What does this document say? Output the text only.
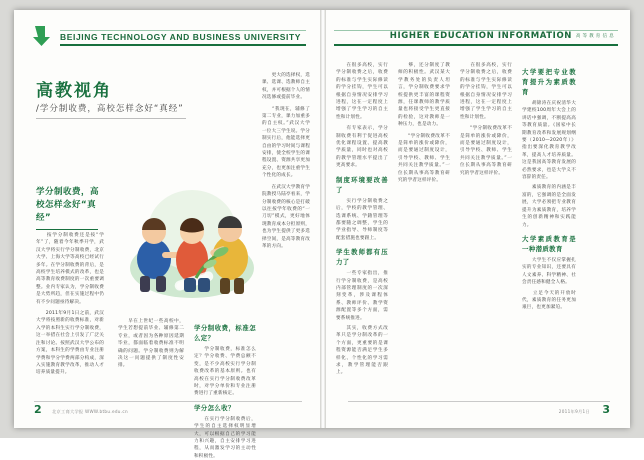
BEIJING TECHNOLOGY AND BUSINESS UNIVERSITY
高教视角
/学分制收费，高校怎样念好“真经”
学分制收费，高校怎样念好“真经”
　　按学分制收费还是按“学年”了，随着今年秋季开学，武汉大学将实行学分制收费，北京大学、上海大学等高校已经试行多年。在学分制收费的背后，是高校学生培养模式的改革，也是高等教育收费制度的一次重要调整。业内专家认为，学分制收费是大势所趋，但在实施过程中仍有不少问题亟待解决。
　　2011年9月1日之前，武汉大学将按照新的收费标准，对新入学的本科生实行学分制收费，这一举措在社会上引发了广泛关注和讨论。按照武汉大学公布的方案，本科生的学费由专业注册学费和学分学费两部分构成，深入实施教育教学改革，推动人才培养质量提升。
　　早在上世纪一些高校中，学生若想提前毕业、辅修第二专业，或者因为各种原因延期毕业，都面临着收费标准不明确的问题。学分制收费则为解决这一问题提供了制度性安排。
学分制收费，标准怎么定？
　　学分制收费，标准怎么定？学分收费、学费总额不变，是不少高校实行学分制收费改革的基本原则。也有高校在实行学分制收费改革时，对学分单价和专业注册费进行了重新核定。
学分怎么收？
　　在实行学分制收费后，学生的自主选择权明显增大，可以根据自己的学习能力和兴趣，自主安排学习进程，从而激发学习的主动性和积极性。
　　更大的选择权，选课、选课、选教师自主权，并可根据个人的情况选修或提前毕业。
　　“我现在，辅修了第二专业，课力加重多的自主权。”武汉大学一位大三学生说。学分制实行后，他能选择更自由的学习时间与课程安排，使全校学生的课程设置、资源共享更加充分，也更加注重学生个性化的成长。
　　在武汉大学教育学院教授马陆亭看来，学分制收费的核心是打破以往按学年收费的“一刀切”模式，更好地体现教育成本分担原则，也为学生提供了更多选择空间，是高等教育改革的方向。
2 北京工商大学报 WWW.btbu.edu.cn
HIGHER EDUCATION INFORMATION 高 等 教 育 信 息
　　在很多高校，实行学分制收费之后，收费的标准与学生实际修读的学分挂钩，学生可以根据自身情况安排学习进程，这在一定程度上增强了学生学习的自主性和计划性。
　　有专家表示，学分制收费有利于促进高校优化课程设置、提高教学质量，同时也对高校的教学管理水平提出了更高要求。
制度环境要改善了
　　实行学分制收费之后，学校的教学管理、选课系统、学籍管理等都要随之调整，学生的学业指导、导师制度等配套措施也要跟上。
学生教师都有压力了
　　一些专家指出，推行学分制收费，是高校内部管理制度的一次深刻变革，涉及课程体系、教师评价、教学资源配置等多个方面，需要系统推进。
　　其实，收费方式改革只是学分制改革的一个方面，更重要的是课程资源能否满足学生多样化、个性化的学习需求，教学管理能否跟上。
　　够，还分制度了教师的积极性。武汉某大学教务处的负责人坦言，学分制收费要求学校提供更丰富的课程资源，任课教师的教学质量也将接受学生更直接的检验，这对教师是一种压力，也是动力。
　　“学分制收费改革不是简单的涨价或降价，而是要通过制度设计，引导学校、教师、学生共同关注教学质量。”一位长期从事高等教育研究的学者这样评价。
　　在很多高校，实行学分制收费之后，收费的标准与学生实际修读的学分挂钩，学生可以根据自身情况安排学习进程，这在一定程度上增强了学生学习的自主性和计划性。
　　“学分制收费改革不是简单的涨价或降价，而是要通过制度设计，引导学校、教师、学生共同关注教学质量。”一位长期从事高等教育研究的学者这样评价。
大学要把专业教育提升为素质教育
　　胡锦涛在庆祝清华大学建校100周年大会上的讲话中强调，不断提高高等教育质量。《国家中长期教育改革和发展规划纲要（2010—2020年）》指出要深化教育教学改革，提高人才培养质量。这是我国高等教育发展的必然要求，也是大学义不容辞的责任。
　　素质教育的内涵是丰富的，它强调的是全面发展，大学必须把专业教育提升为素质教育，培养学生的创新精神和实践能力。
大学素质教育是一种潜质教育
　　大学生不仅应掌握扎实的专业知识，还要具有人文素养、科学精神、社会责任感和健全人格。
　　立足今天的开放时代，素质教育的任务更加艰巨，也更加紧迫。
3
2011年9月1日
